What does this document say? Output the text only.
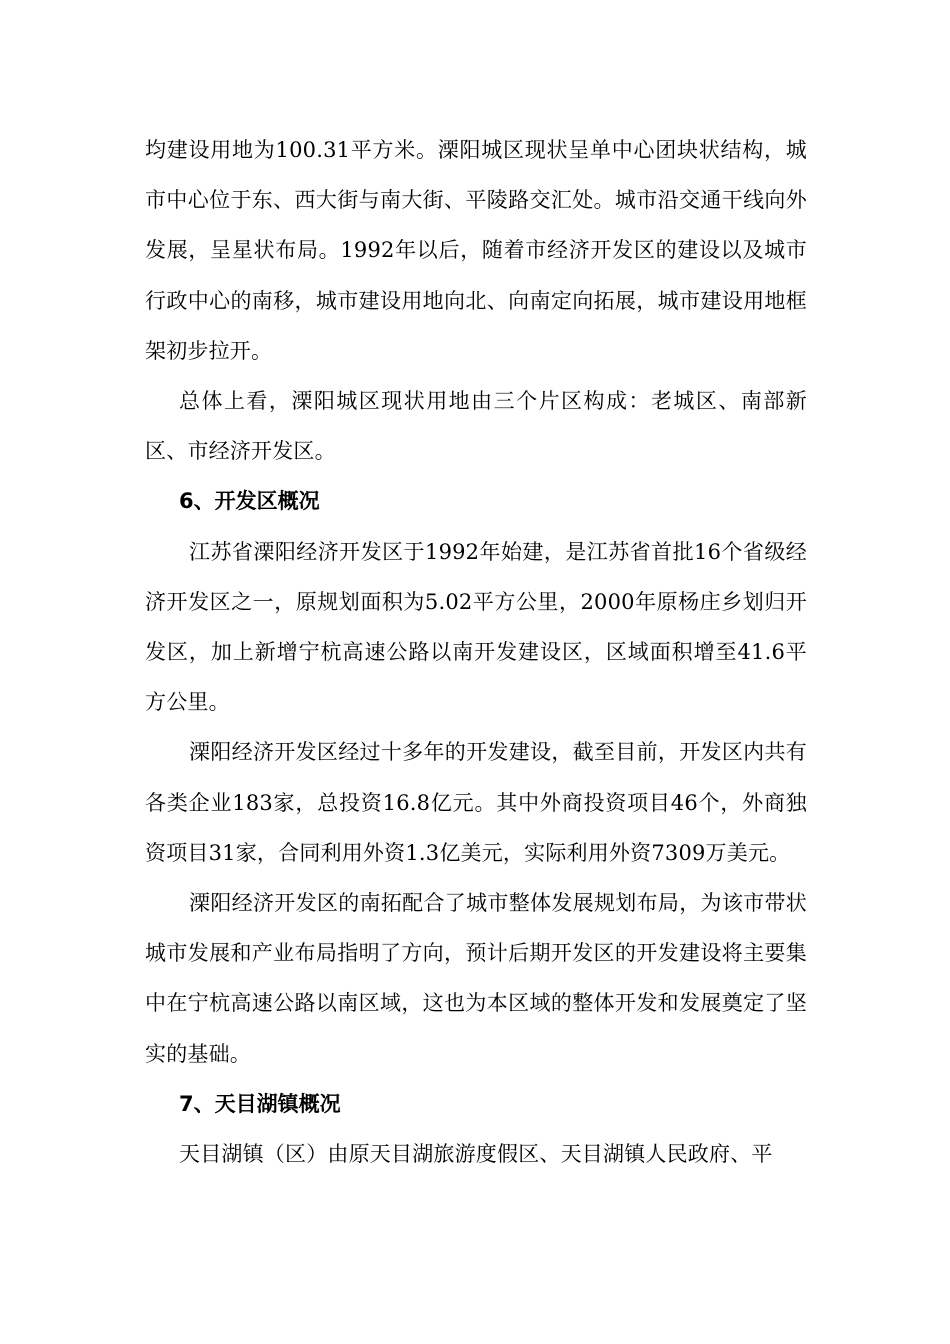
均建设用地为100.31平方米。溧阳城区现状呈单中心团块状结构，城市中心位于东、西大街与南大街、平陵路交汇处。城市沿交通干线向外发展，呈星状布局。1992年以后，随着市经济开发区的建设以及城市行政中心的南移，城市建设用地向北、向南定向拓展，城市建设用地框架初步拉开。

总体上看，溧阳城区现状用地由三个片区构成：老城区、南部新区、市经济开发区。

6、开发区概况

江苏省溧阳经济开发区于1992年始建，是江苏省首批16个省级经济开发区之一，原规划面积为5.02平方公里，2000年原杨庄乡划归开发区，加上新增宁杭高速公路以南开发建设区，区域面积增至41.6平方公里。

溧阳经济开发区经过十多年的开发建设，截至目前，开发区内共有各类企业183家，总投资16.8亿元。其中外商投资项目46个，外商独资项目31家，合同利用外资1.3亿美元，实际利用外资7309万美元。

溧阳经济开发区的南拓配合了城市整体发展规划布局，为该市带状城市发展和产业布局指明了方向，预计后期开发区的开发建设将主要集中在宁杭高速公路以南区域，这也为本区域的整体开发和发展奠定了坚实的基础。

7、天目湖镇概况

天目湖镇（区）由原天目湖旅游度假区、天目湖镇人民政府、平
